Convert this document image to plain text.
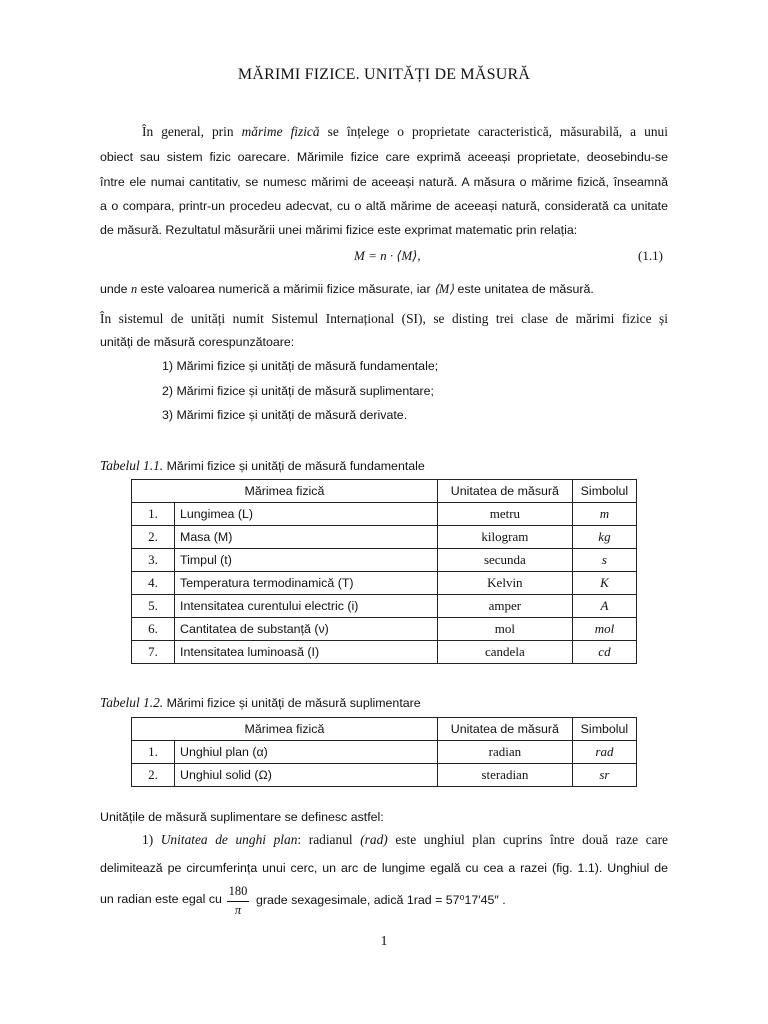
MĂRIMI FIZICE. UNITĂȚI DE MĂSURĂ
În general, prin mărime fizică se înțelege o proprietate caracteristică, măsurabilă, a unui
obiect sau sistem fizic oarecare. Mărimile fizice care exprimă aceeași proprietate, deosebindu-se
între ele numai cantitativ, se numesc mărimi de aceeași natură. A măsura o mărime fizică, înseamnă
a o compara, printr-un procedeu adecvat, cu o altă mărime de aceeași natură, considerată ca unitate
de măsură. Rezultatul măsurării unei mărimi fizice este exprimat matematic prin relația:
M = n · ⟨M⟩,	(1.1)
unde n este valoarea numerică a mărimii fizice măsurate, iar ⟨M⟩ este unitatea de măsură.
În sistemul de unități numit Sistemul Internațional (SI), se disting trei clase de mărimi fizice și
unități de măsură corespunzătoare:
1) Mărimi fizice și unități de măsură fundamentale;
2) Mărimi fizice și unități de măsură suplimentare;
3) Mărimi fizice și unități de măsură derivate.
Tabelul 1.1. Mărimi fizice și unități de măsură fundamentale
Mărimea fizică		Unitatea de măsură	Simbolul
1.	Lungimea (L)	metru	m
2.	Masa (M)	kilogram	kg
3.	Timpul (t)	secunda	s
4.	Temperatura termodinamică (T)	Kelvin	K
5.	Intensitatea curentului electric (i)	amper	A
6.	Cantitatea de substanță (ν)	mol	mol
7.	Intensitatea luminoasă (I)	candela	cd
Tabelul 1.2. Mărimi fizice și unități de măsură suplimentare
Mărimea fizică		Unitatea de măsură	Simbolul
1.	Unghiul plan (α)	radian	rad
2.	Unghiul solid (Ω)	steradian	sr
Unitățile de măsură suplimentare se definesc astfel:
1) Unitatea de unghi plan: radianul (rad) este unghiul plan cuprins între două raze care
delimitează pe circumferința unui cerc, un arc de lungime egală cu cea a razei (fig. 1.1). Unghiul de
un radian este egal cu
180
π
grade sexagesimale, adică 1rad = 57⁰17′45″ .
1
